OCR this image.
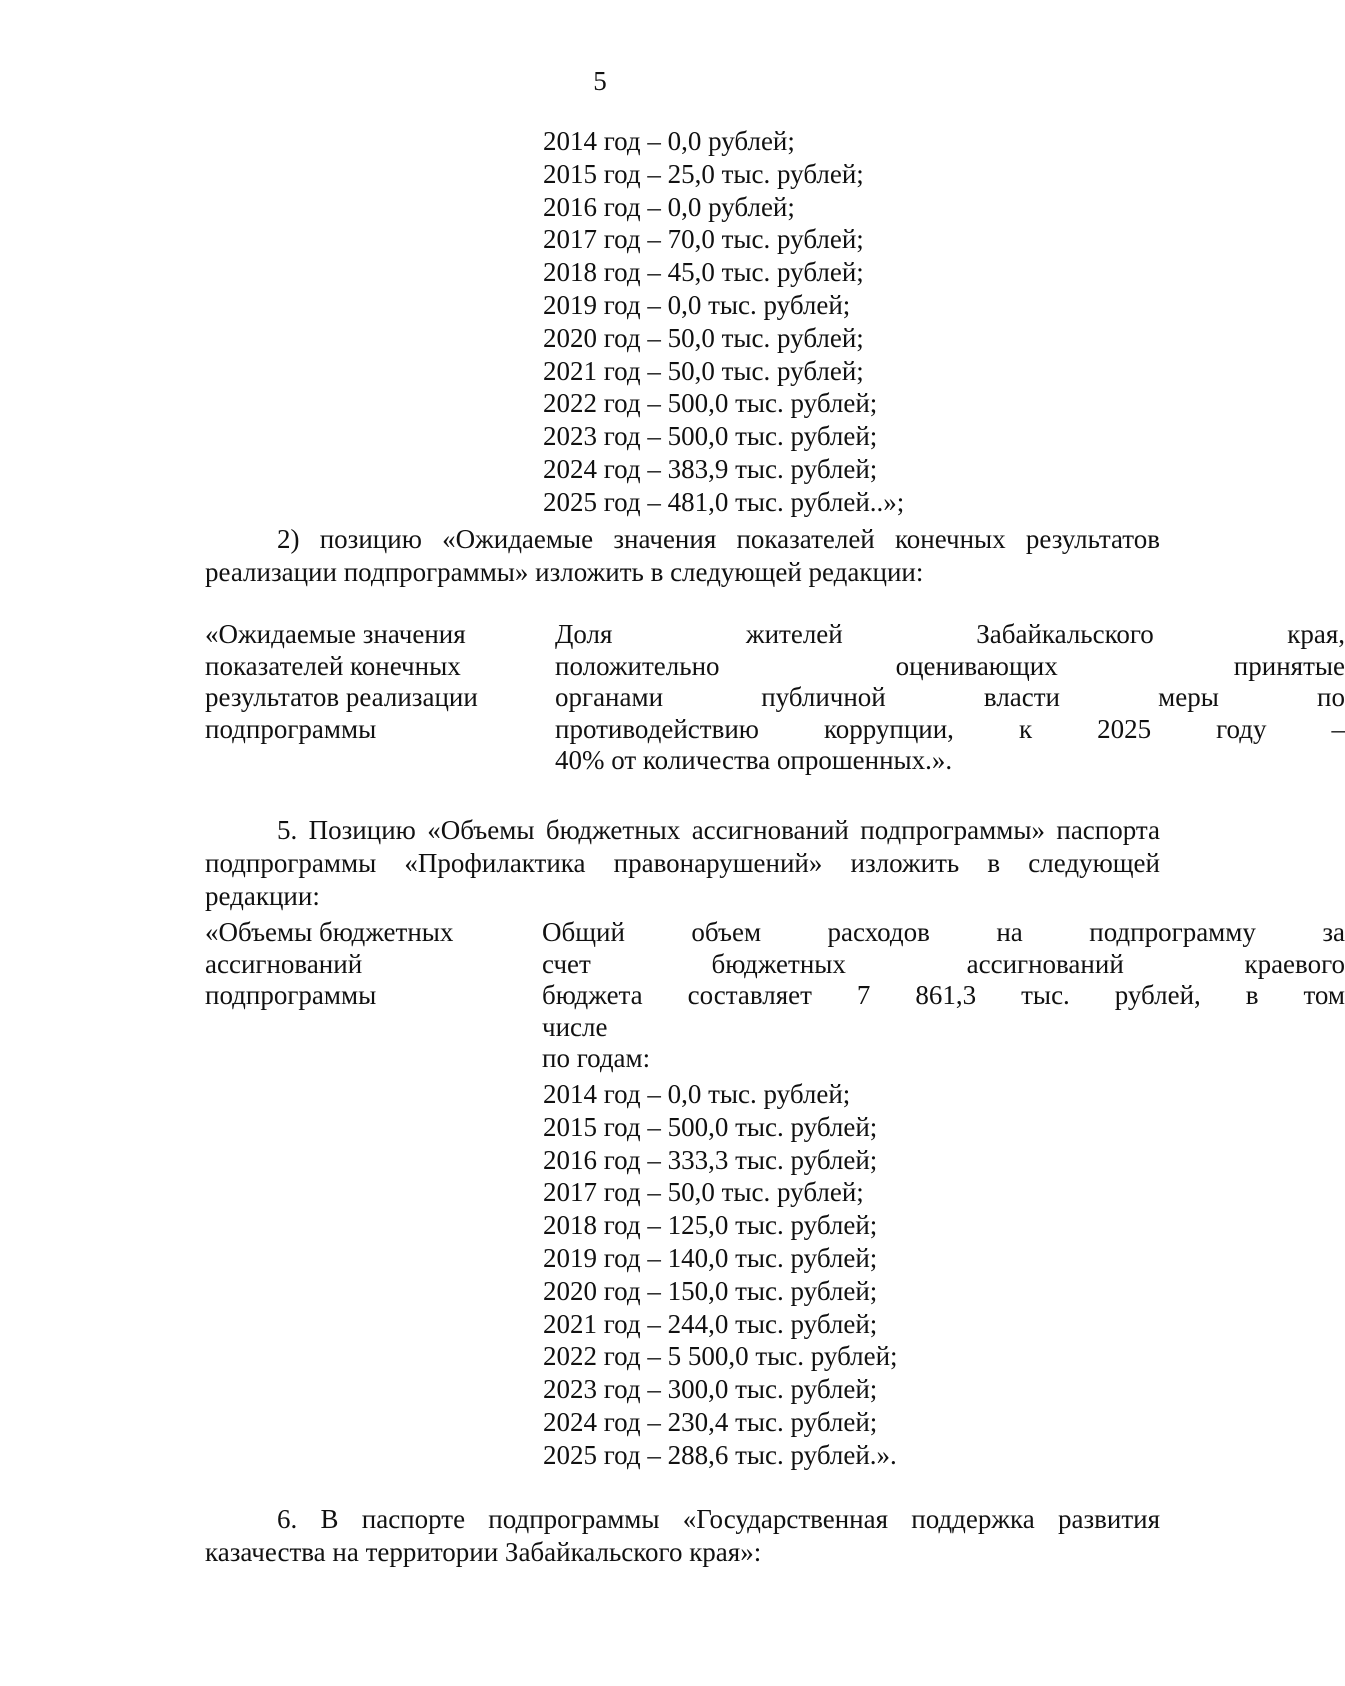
5
2014 год – 0,0 рублей;
2015 год – 25,0 тыс. рублей;
2016 год – 0,0 рублей;
2017 год – 70,0 тыс. рублей;
2018 год – 45,0 тыс. рублей;
2019 год – 0,0 тыс. рублей;
2020 год – 50,0 тыс. рублей;
2021 год – 50,0 тыс. рублей;
2022 год – 500,0 тыс. рублей;
2023 год – 500,0 тыс. рублей;
2024 год – 383,9 тыс. рублей;
2025 год – 481,0 тыс. рублей..»;

2) позицию «Ожидаемые значения показателей конечных результатов реализации подпрограммы» изложить в следующей редакции:

«Ожидаемые значения
показателей конечных
результатов реализации
подпрограммы
Доля жителей Забайкальского края,
положительно оценивающих принятые
органами публичной власти меры по
противодействию коррупции, к 2025 году –
40% от количества опрошенных.».

5. Позицию «Объемы бюджетных ассигнований подпрограммы» паспорта подпрограммы «Профилактика правонарушений» изложить в следующей редакции:

«Объемы бюджетных
ассигнований
подпрограммы
Общий объем расходов на подпрограмму за
счет бюджетных ассигнований краевого
бюджета составляет 7 861,3 тыс. рублей, в том
числе
по годам:
2014 год – 0,0 тыс. рублей;
2015 год – 500,0 тыс. рублей;
2016 год – 333,3 тыс. рублей;
2017 год – 50,0 тыс. рублей;
2018 год – 125,0 тыс. рублей;
2019 год – 140,0 тыс. рублей;
2020 год – 150,0 тыс. рублей;
2021 год – 244,0 тыс. рублей;
2022 год – 5 500,0 тыс. рублей;
2023 год – 300,0 тыс. рублей;
2024 год – 230,4 тыс. рублей;
2025 год – 288,6 тыс. рублей.».

6. В паспорте подпрограммы «Государственная поддержка развития казачества на территории Забайкальского края»:
